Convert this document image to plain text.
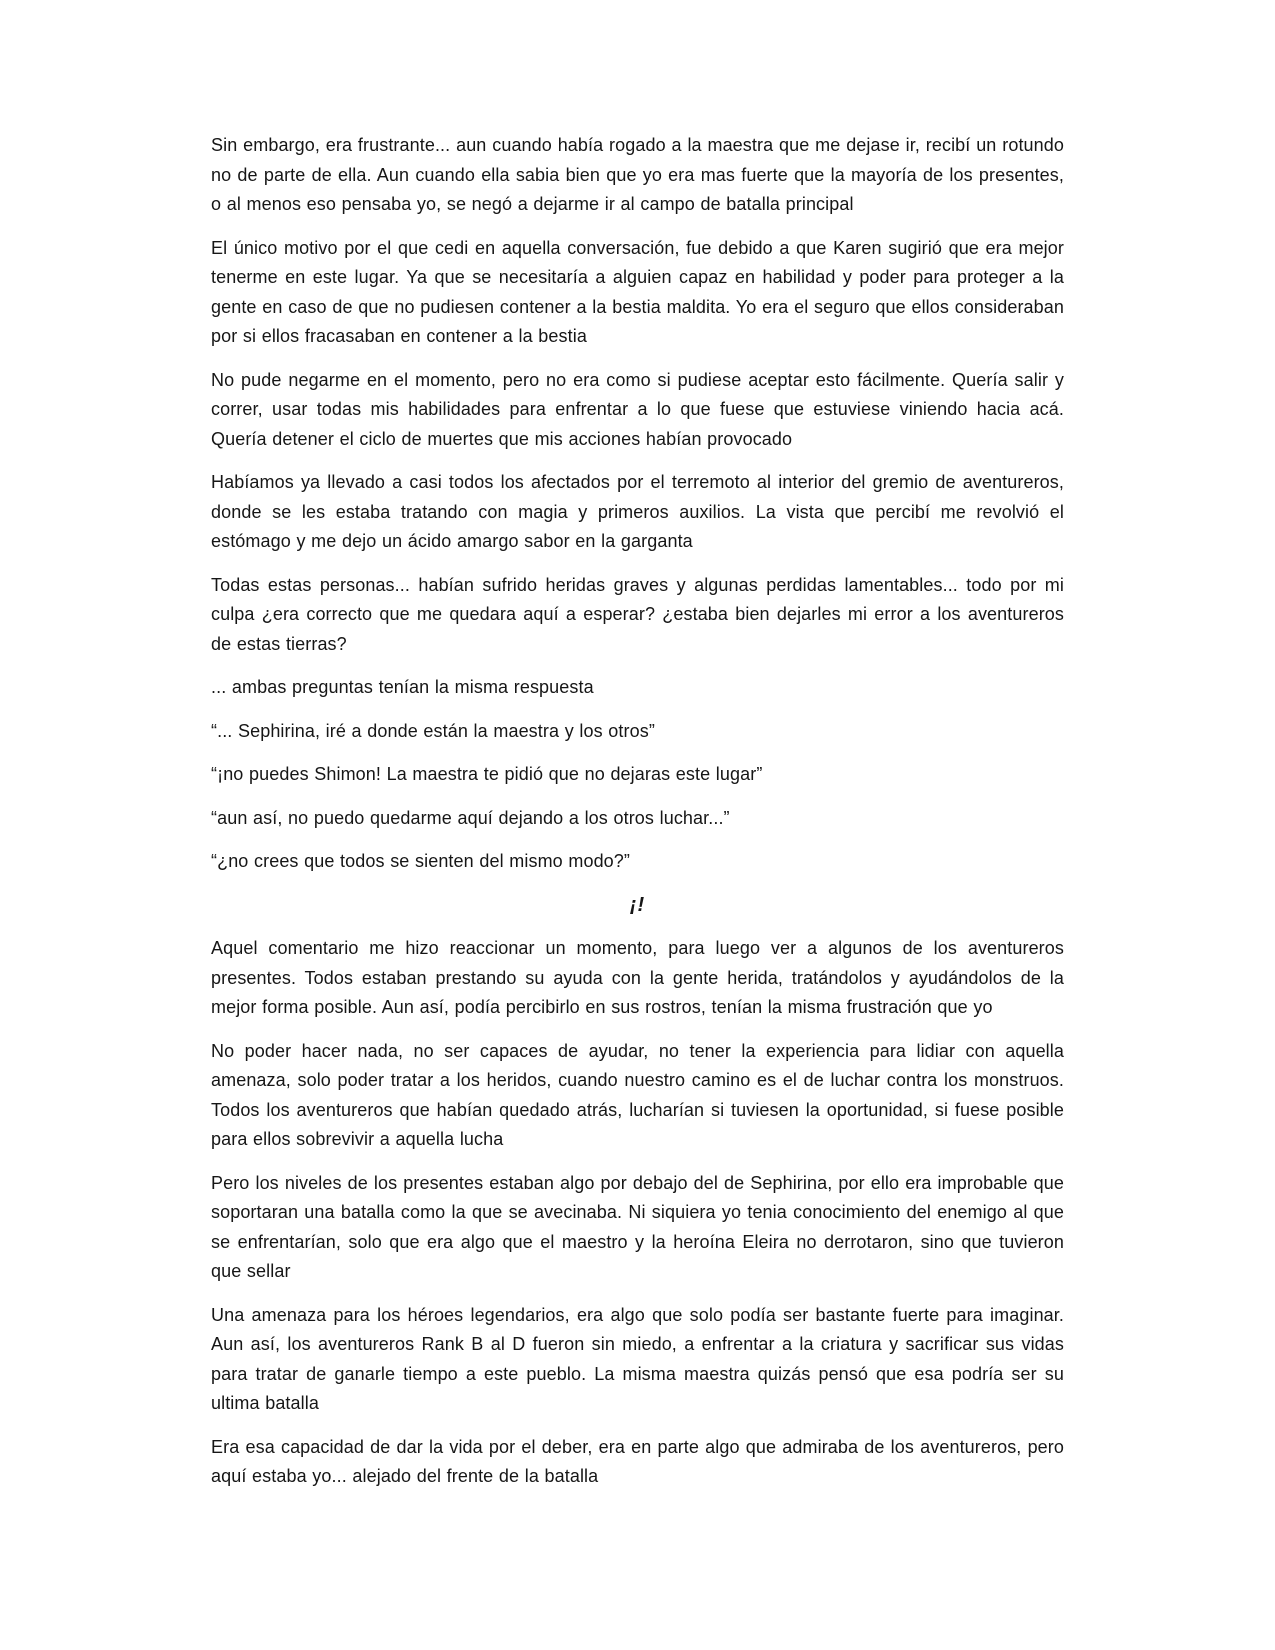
Sin embargo, era frustrante... aun cuando había rogado a la maestra que me dejase ir, recibí un rotundo no de parte de ella. Aun cuando ella sabia bien que yo era mas fuerte que la mayoría de los presentes, o al menos eso pensaba yo, se negó a dejarme ir al campo de batalla principal

El único motivo por el que cedi en aquella conversación, fue debido a que Karen sugirió que era mejor tenerme en este lugar. Ya que se necesitaría a alguien capaz en habilidad y poder para proteger a la gente en caso de que no pudiesen contener a la bestia maldita. Yo era el seguro que ellos consideraban por si ellos fracasaban en contener a la bestia

No pude negarme en el momento, pero no era como si pudiese aceptar esto fácilmente. Quería salir y correr, usar todas mis habilidades para enfrentar a lo que fuese que estuviese viniendo hacia acá. Quería detener el ciclo de muertes que mis acciones habían provocado

Habíamos ya llevado a casi todos los afectados por el terremoto al interior del gremio de aventureros, donde se les estaba tratando con magia y primeros auxilios. La vista que percibí me revolvió el estómago y me dejo un ácido amargo sabor en la garganta

Todas estas personas... habían sufrido heridas graves y algunas perdidas lamentables... todo por mi culpa ¿era correcto que me quedara aquí a esperar? ¿estaba bien dejarles mi error a los aventureros de estas tierras?

... ambas preguntas tenían la misma respuesta

“... Sephirina, iré a donde están la maestra y los otros”

“¡no puedes Shimon! La maestra te pidió que no dejaras este lugar”

“aun así, no puedo quedarme aquí dejando a los otros luchar...”

“¿no crees que todos se sienten del mismo modo?”

¡!

Aquel comentario me hizo reaccionar un momento, para luego ver a algunos de los aventureros presentes. Todos estaban prestando su ayuda con la gente herida, tratándolos y ayudándolos de la mejor forma posible. Aun así, podía percibirlo en sus rostros, tenían la misma frustración que yo

No poder hacer nada, no ser capaces de ayudar, no tener la experiencia para lidiar con aquella amenaza, solo poder tratar a los heridos, cuando nuestro camino es el de luchar contra los monstruos. Todos los aventureros que habían quedado atrás, lucharían si tuviesen la oportunidad, si fuese posible para ellos sobrevivir a aquella lucha

Pero los niveles de los presentes estaban algo por debajo del de Sephirina, por ello era improbable que soportaran una batalla como la que se avecinaba. Ni siquiera yo tenia conocimiento del enemigo al que se enfrentarían, solo que era algo que el maestro y la heroína Eleira no derrotaron, sino que tuvieron que sellar

Una amenaza para los héroes legendarios, era algo que solo podía ser bastante fuerte para imaginar. Aun así, los aventureros Rank B al D fueron sin miedo, a enfrentar a la criatura y sacrificar sus vidas para tratar de ganarle tiempo a este pueblo. La misma maestra quizás pensó que esa podría ser su ultima batalla

Era esa capacidad de dar la vida por el deber, era en parte algo que admiraba de los aventureros, pero aquí estaba yo... alejado del frente de la batalla
